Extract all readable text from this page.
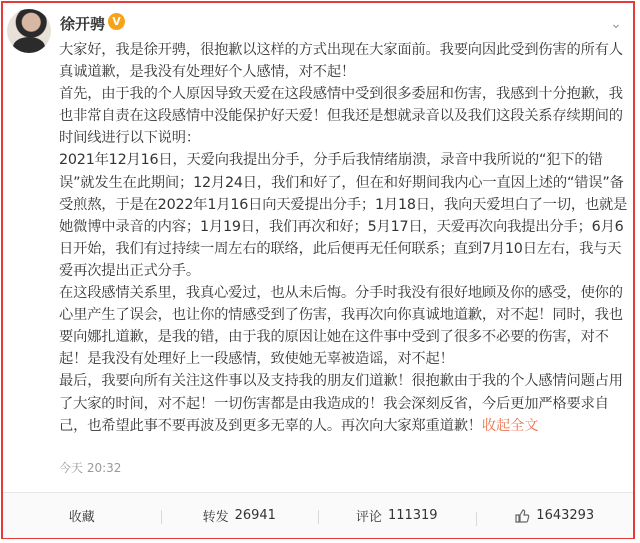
徐开骋 V	⌄

大家好，我是徐开骋，很抱歉以这样的方式出现在大家面前。我要向因此受到伤害的所有人真诚道歉，是我没有处理好个人感情，对不起！

首先，由于我的个人原因导致天爱在这段感情中受到很多委屈和伤害，我感到十分抱歉，我也非常自责在这段感情中没能保护好天爱！但我还是想就录音以及我们这段关系存续期间的时间线进行以下说明：

2021年12月16日，天爱向我提出分手，分手后我情绪崩溃，录音中我所说的“犯下的错误”就发生在此期间；12月24日，我们和好了，但在和好期间我内心一直因上述的“错误”备受煎熬，于是在2022年1月16日向天爱提出分手；1月18日，我向天爱坦白了一切，也就是她微博中录音的内容；1月19日，我们再次和好；5月17日，天爱再次向我提出分手；6月6日开始，我们有过持续一周左右的联络，此后便再无任何联系；直到7月10日左右，我与天爱再次提出正式分手。

在这段感情关系里，我真心爱过，也从未后悔。分手时我没有很好地顾及你的感受，使你的心里产生了误会，也让你的情感受到了伤害，我再次向你真诚地道歉，对不起！同时，我也要向娜扎道歉，是我的错，由于我的原因让她在这件事中受到了很多不必要的伤害，对不起！是我没有处理好上一段感情，致使她无辜被造谣，对不起！

最后，我要向所有关注这件事以及支持我的朋友们道歉！很抱歉由于我的个人感情问题占用了大家的时间，对不起！一切伤害都是由我造成的！我会深刻反省，今后更加严格要求自己，也希望此事不要再波及到更多无辜的人。再次向大家郑重道歉！收起全文

今天 20:32
收藏	转发 26941	评论 111319	1643293
